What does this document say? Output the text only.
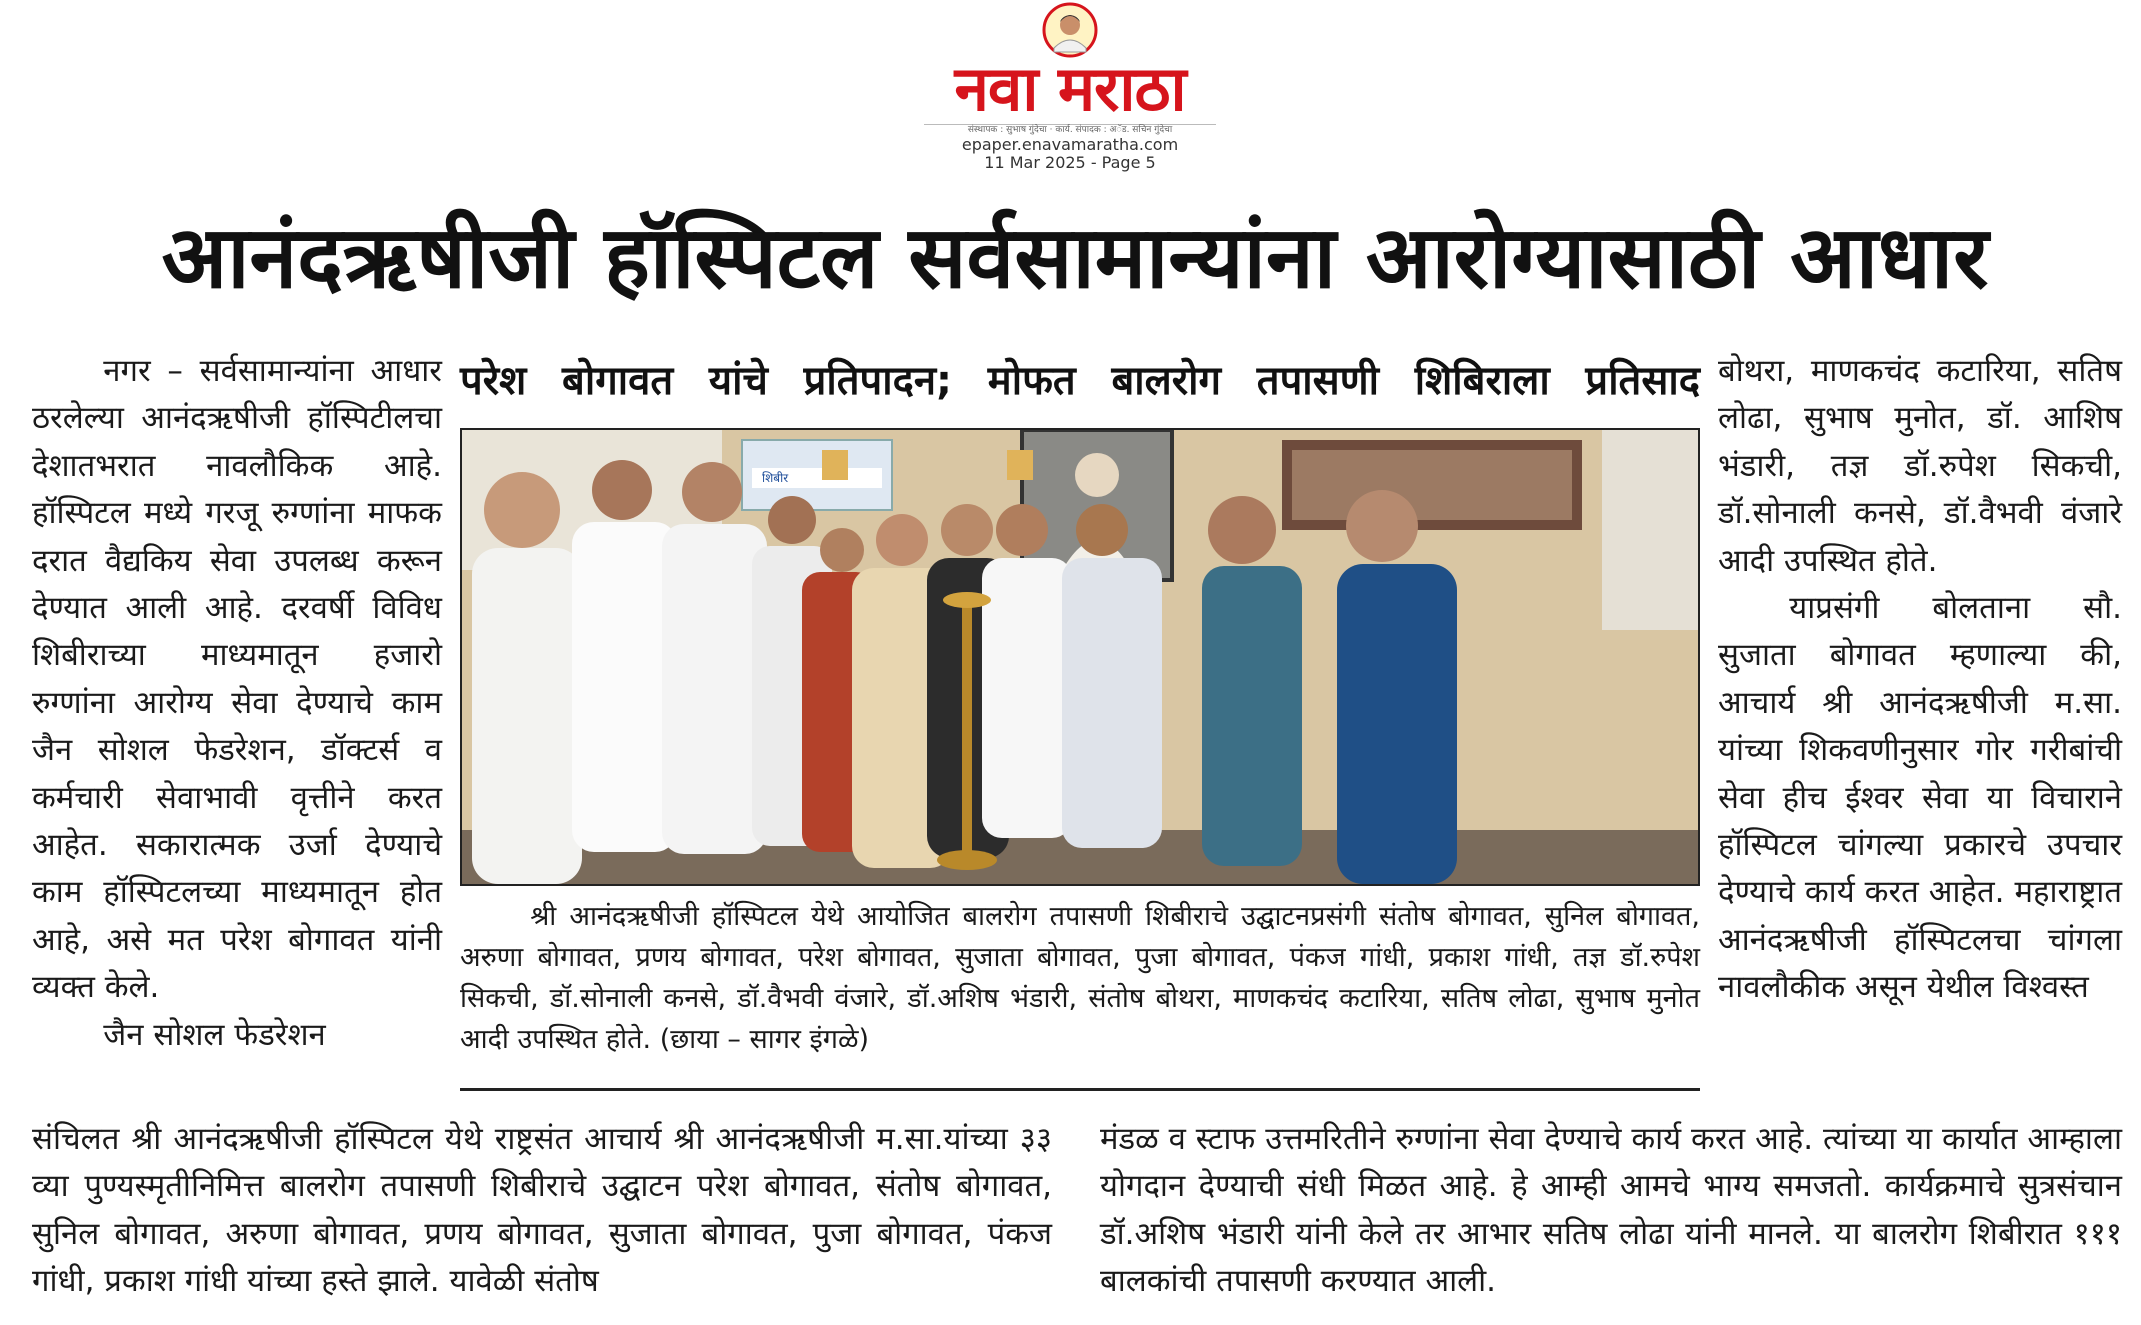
नवा मराठा
संस्थापक : सुभाष गुंदेचा · कार्य. संपादक : अॅड. सचिन गुंदेचा
epaper.enavamaratha.com
11 Mar 2025 - Page 5
आनंदऋषीजी हॉस्पिटल सर्वसामान्यांना आरोग्यासाठी आधार

नगर – सर्वसामान्यांना आधार ठरलेल्या आनंदऋषीजी हॉस्पिटीलचा देशातभरात नावलौकिक आहे. हॉस्पिटल मध्ये गरजू रुग्णांना माफक दरात वैद्यकिय सेवा उपलब्ध करून देण्यात आली आहे. दरवर्षी विविध शिबीराच्या माध्यमातून हजारो रुग्णांना आरोग्य सेवा देण्याचे काम जैन सोशल फेडरेशन, डॉक्टर्स व कर्मचारी सेवाभावी वृत्तीने करत आहेत. सकारात्मक उर्जा देण्याचे काम हॉस्पिटलच्या माध्यमातून होत आहे, असे मत परेश बोगावत यांनी व्यक्त केले.

जैन सोशल फेडरेशन

परेश बोगावत यांचे प्रतिपादन; मोफत बालरोग तपासणी शिबिराला प्रतिसाद
शिबीर
श्री आनंदऋषीजी हॉस्पिटल येथे आयोजित बालरोग तपासणी शिबीराचे उद्घाटनप्रसंगी संतोष बोगावत, सुनिल बोगावत, अरुणा बोगावत, प्रणय बोगावत, परेश बोगावत, सुजाता बोगावत, पुजा बोगावत, पंकज गांधी, प्रकाश गांधी, तज्ञ डॉ.रुपेश सिकची, डॉ.सोनाली कनसे, डॉ.वैभवी वंजारे, डॉ.अशिष भंडारी, संतोष बोथरा, माणकचंद कटारिया, सतिष लोढा, सुभाष मुनोत आदी उपस्थित होते. (छाया – सागर इंगळे)

बोथरा, माणकचंद कटारिया, सतिष लोढा, सुभाष मुनोत, डॉ. आशिष भंडारी, तज्ञ डॉ.रुपेश सिकची, डॉ.सोनाली कनसे, डॉ.वैभवी वंजारे आदी उपस्थित होते.

याप्रसंगी बोलताना सौ. सुजाता बोगावत म्हणाल्या की, आचार्य श्री आनंदऋषीजी म.सा. यांच्या शिकवणीनुसार गोर गरीबांची सेवा हीच ईश्वर सेवा या विचाराने हॉस्पिटल चांगल्या प्रकारचे उपचार देण्याचे कार्य करत आहेत. महाराष्ट्रात आनंदऋषीजी हॉस्पिटलचा चांगला नावलौकीक असून येथील विश्वस्त

संचिलत श्री आनंदऋषीजी हॉस्पिटल येथे राष्ट्रसंत आचार्य श्री आनंदऋषीजी म.सा.यांच्या ३३ व्या पुण्यस्मृतीनिमित्त बालरोग तपासणी शिबीराचे उद्घाटन परेश बोगावत, संतोष बोगावत, सुनिल बोगावत, अरुणा बोगावत, प्रणय बोगावत, सुजाता बोगावत, पुजा बोगावत, पंकज गांधी, प्रकाश गांधी यांच्या हस्ते झाले. यावेळी संतोष
मंडळ व स्टाफ उत्तमरितीने रुग्णांना सेवा देण्याचे कार्य करत आहे. त्यांच्या या कार्यात आम्हाला योगदान देण्याची संधी मिळत आहे. हे आम्ही आमचे भाग्य समजतो. कार्यक्रमाचे सुत्रसंचान डॉ.अशिष भंडारी यांनी केले तर आभार सतिष लोढा यांनी मानले. या बालरोग शिबीरात १११ बालकांची तपासणी करण्यात आली.
